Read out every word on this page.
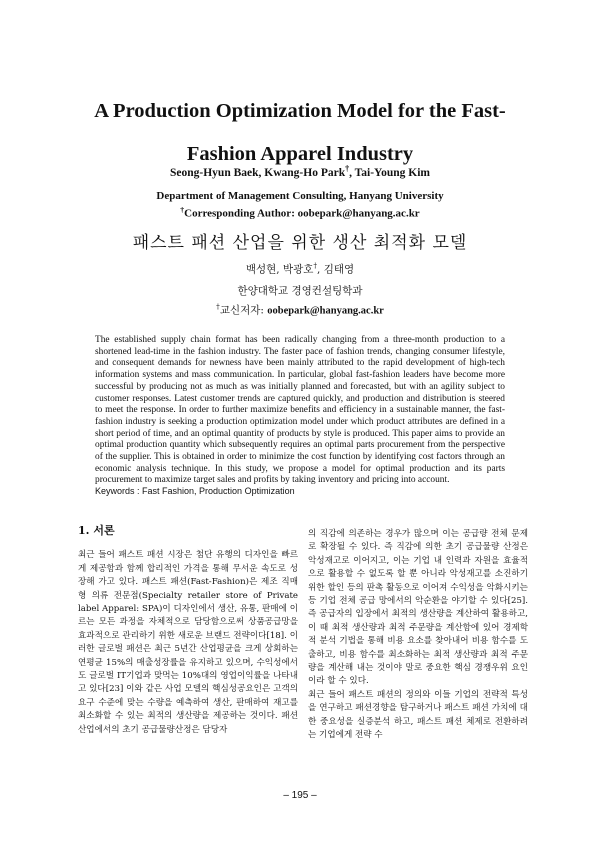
A Production Optimization Model for the Fast-Fashion Apparel Industry
Seong-Hyun Baek, Kwang-Ho Park†, Tai-Young Kim
Department of Management Consulting, Hanyang University
†Corresponding Author: oobepark@hanyang.ac.kr
패스트 패션 산업을 위한 생산 최적화 모델
백성현, 박광호†, 김태영
한양대학교 경영컨설팅학과
†교신저자: oobepark@hanyang.ac.kr

The established supply chain format has been radically changing from a three-month production to a shortened lead-time in the fashion industry. The faster pace of fashion trends, changing consumer lifestyle, and consequent demands for newness have been mainly attributed to the rapid development of high-tech information systems and mass communication. In particular, global fast-fashion leaders have become more successful by producing not as much as was initially planned and forecasted, but with an agility subject to customer responses. Latest customer trends are captured quickly, and production and distribution is steered to meet the response. In order to further maximize benefits and efficiency in a sustainable manner, the fast-fashion industry is seeking a production optimization model under which product attributes are defined in a short period of time, and an optimal quantity of products by style is produced. This paper aims to provide an optimal production quantity which subsequently requires an optimal parts procurement from the perspective of the supplier. This is obtained in order to minimize the cost function by identifying cost factors through an economic analysis technique. In this study, we propose a model for optimal production and its parts procurement to maximize target sales and profits by taking inventory and pricing into account.

Keywords : Fast Fashion, Production Optimization
1. 서론

최근 들어 패스트 패션 시장은 첨단 유행의 디자인을 빠르게 제공함과 함께 합리적인 가격을 통해 무서운 속도로 성장해 가고 있다. 패스트 패션(Fast-Fashion)은 제조 직매형 의류 전문점(Specialty retailer store of Private label Apparel: SPA)이 디자인에서 생산, 유통, 판매에 이르는 모든 과정을 자체적으로 담당함으로써 상품공급망을 효과적으로 관리하기 위한 새로운 브랜드 전략이다[18]. 이러한 글로벌 패션은 최근 5년간 산업평균을 크게 상회하는 연평균 15%의 매출성장률을 유지하고 있으며, 수익성에서도 글로벌 IT기업과 맞먹는 10%대의 영업이익률을 나타내고 있다[23] 이와 같은 사업 모델의 핵심성공요인은 고객의 요구 수준에 맞는 수량을 예측하여 생산, 판매하여 재고를 최소화할 수 있는 최적의 생산량을 제공하는 것이다. 패션산업에서의 초기 공급물량산정은 담당자

의 직감에 의존하는 경우가 많으며 이는 공급량 전체 문제로 확장될 수 있다. 즉 직감에 의한 초기 공급물량 산정은 악성재고로 이어지고, 이는 기업 내 인력과 자원을 효율적으로 활용할 수 없도록 할 뿐 아니라 악성재고를 소진하기 위한 할인 등의 판촉 활동으로 이어져 수익성을 악화시키는 등 기업 전체 공급 망에서의 악순환을 야기할 수 있다[25]. 즉 공급자의 입장에서 최적의 생산량을 계산하여 활용하고, 이 때 최적 생산량과 최적 주문량을 계산함에 있어 경제학적 분석 기법을 통해 비용 요소를 찾아내어 비용 함수를 도출하고, 비용 함수를 최소화하는 최적 생산량과 최적 주문량을 계산해 내는 것이야 말로 중요한 핵심 경쟁우위 요인이라 할 수 있다.

최근 들어 패스트 패션의 정의와 이들 기업의 전략적 특성을 연구하고 패션경향을 탐구하거나 패스트 패션 가치에 대한 중요성을 실증분석 하고, 패스트 패션 체제로 전환하려는 기업에게 전략 수

– 195 –
